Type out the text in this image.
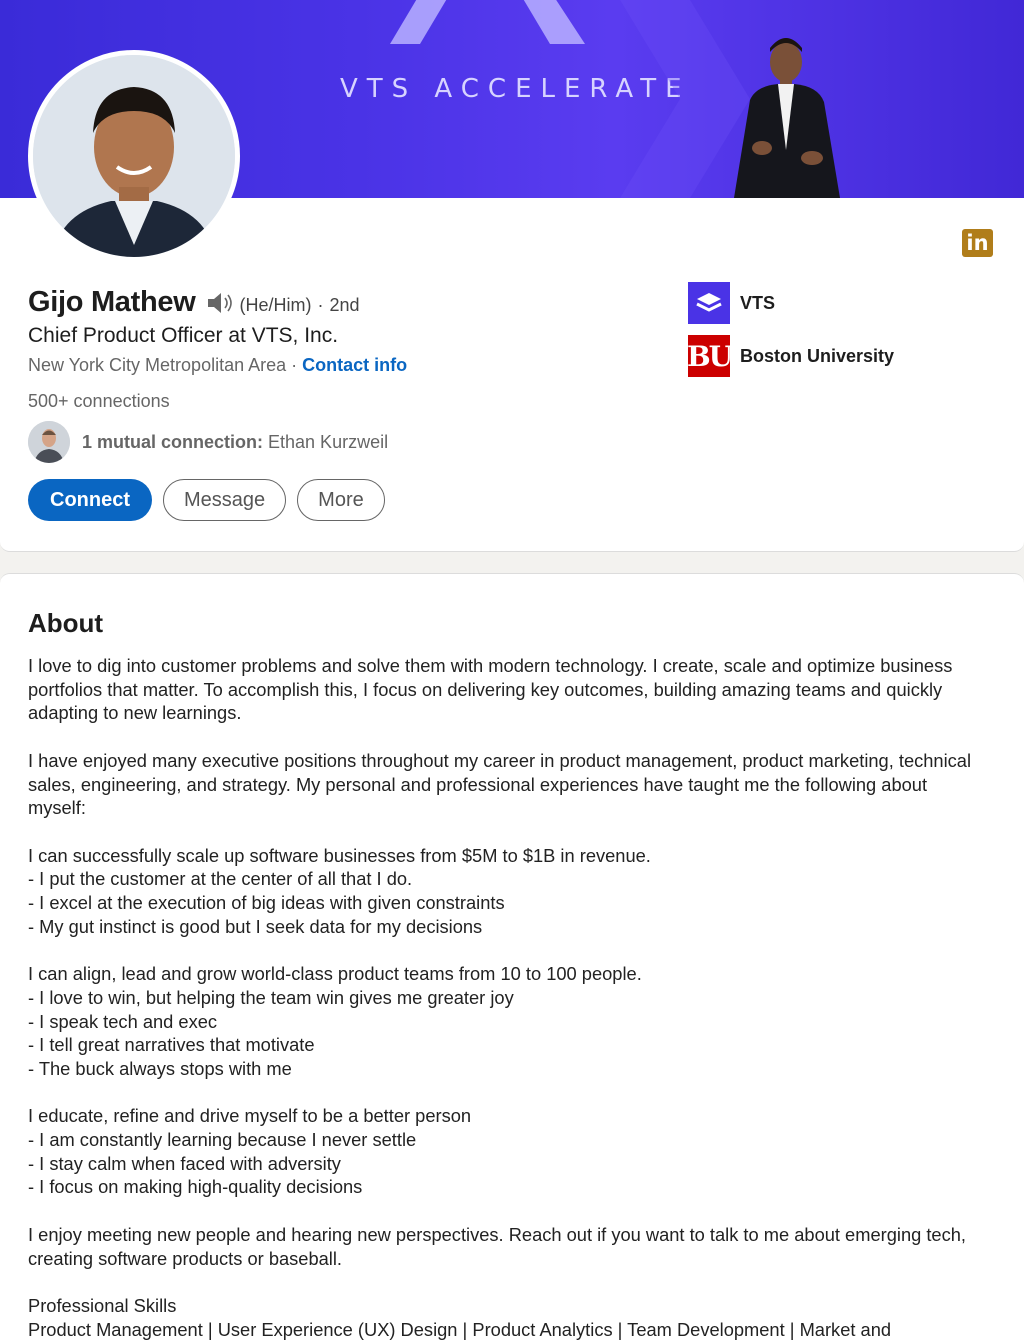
VTS ACCELERATE
in
Gijo Mathew (He/Him) · 2nd
Chief Product Officer at VTS, Inc.
New York City Metropolitan Area · Contact info
500+ connections
1 mutual connection: Ethan Kurzweil
Connect	Message	More
VTS
BU Boston University
About

I love to dig into customer problems and solve them with modern technology. I create, scale and optimize business portfolios that matter. To accomplish this, I focus on delivering key outcomes, building amazing teams and quickly adapting to new learnings.

I have enjoyed many executive positions throughout my career in product management, product marketing, technical sales, engineering, and strategy. My personal and professional experiences have taught me the following about myself:

I can successfully scale up software businesses from $5M to $1B in revenue.
- I put the customer at the center of all that I do.
- I excel at the execution of big ideas with given constraints
- My gut instinct is good but I seek data for my decisions

I can align, lead and grow world-class product teams from 10 to 100 people.
- I love to win, but helping the team win gives me greater joy
- I speak tech and exec
- I tell great narratives that motivate
- The buck always stops with me

I educate, refine and drive myself to be a better person
- I am constantly learning because I never settle
- I stay calm when faced with adversity
- I focus on making high-quality decisions

I enjoy meeting new people and hearing new perspectives. Reach out if you want to talk to me about emerging tech, creating software products or baseball.

Professional Skills
Product Management | User Experience (UX) Design | Product Analytics | Team Development | Market and
